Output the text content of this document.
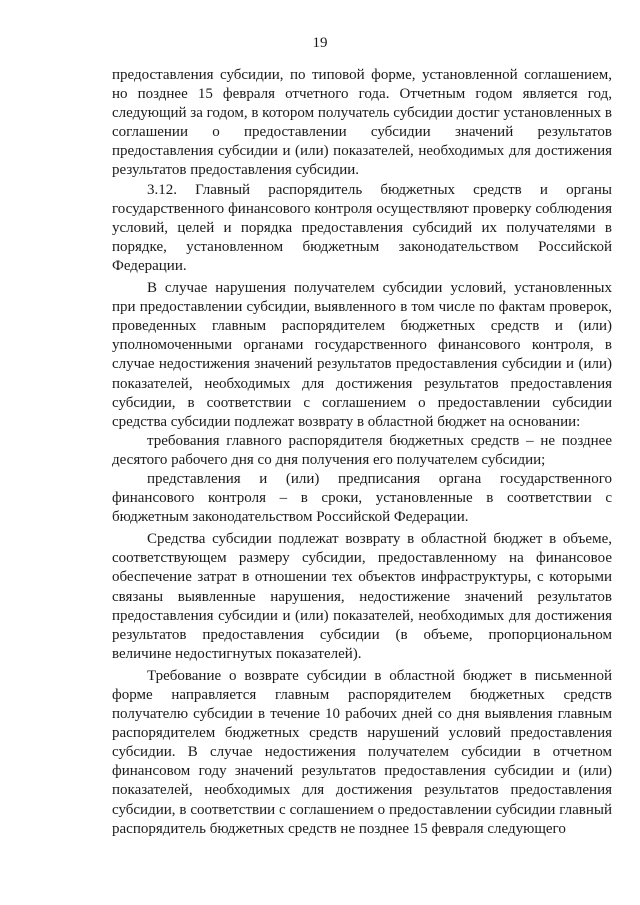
19

предоставления субсидии, по типовой форме, установленной соглашением, но позднее 15 февраля отчетного года. Отчетным годом является год, следующий за годом, в котором получатель субсидии достиг установленных в соглашении о предоставлении субсидии значений результатов предоставления субсидии и (или) показателей, необходимых для достижения результатов предоставления субсидии.

3.12. Главный распорядитель бюджетных средств и органы государственного финансового контроля осуществляют проверку соблюдения условий, целей и порядка предоставления субсидий их получателями в порядке, установленном бюджетным законодательством Российской Федерации.

В случае нарушения получателем субсидии условий, установленных при предоставлении субсидии, выявленного в том числе по фактам проверок, проведенных главным распорядителем бюджетных средств и (или) уполномоченными органами государственного финансового контроля, в случае недостижения значений результатов предоставления субсидии и (или) показателей, необходимых для достижения результатов предоставления субсидии, в соответствии с соглашением о предоставлении субсидии средства субсидии подлежат возврату в областной бюджет на основании:

требования главного распорядителя бюджетных средств – не позднее десятого рабочего дня со дня получения его получателем субсидии;

представления и (или) предписания органа государственного финансового контроля – в сроки, установленные в соответствии с бюджетным законодательством Российской Федерации.

Средства субсидии подлежат возврату в областной бюджет в объеме, соответствующем размеру субсидии, предоставленному на финансовое обеспечение затрат в отношении тех объектов инфраструктуры, с которыми связаны выявленные нарушения, недостижение значений результатов предоставления субсидии и (или) показателей, необходимых для достижения результатов предоставления субсидии (в объеме, пропорциональном величине недостигнутых показателей).

Требование о возврате субсидии в областной бюджет в письменной форме направляется главным распорядителем бюджетных средств получателю субсидии в течение 10 рабочих дней со дня выявления главным распорядителем бюджетных средств нарушений условий предоставления субсидии. В случае недостижения получателем субсидии в отчетном финансовом году значений результатов предоставления субсидии и (или) показателей, необходимых для достижения результатов предоставления субсидии, в соответствии с соглашением о предоставлении субсидии главный распорядитель бюджетных средств не позднее 15 февраля следующего
